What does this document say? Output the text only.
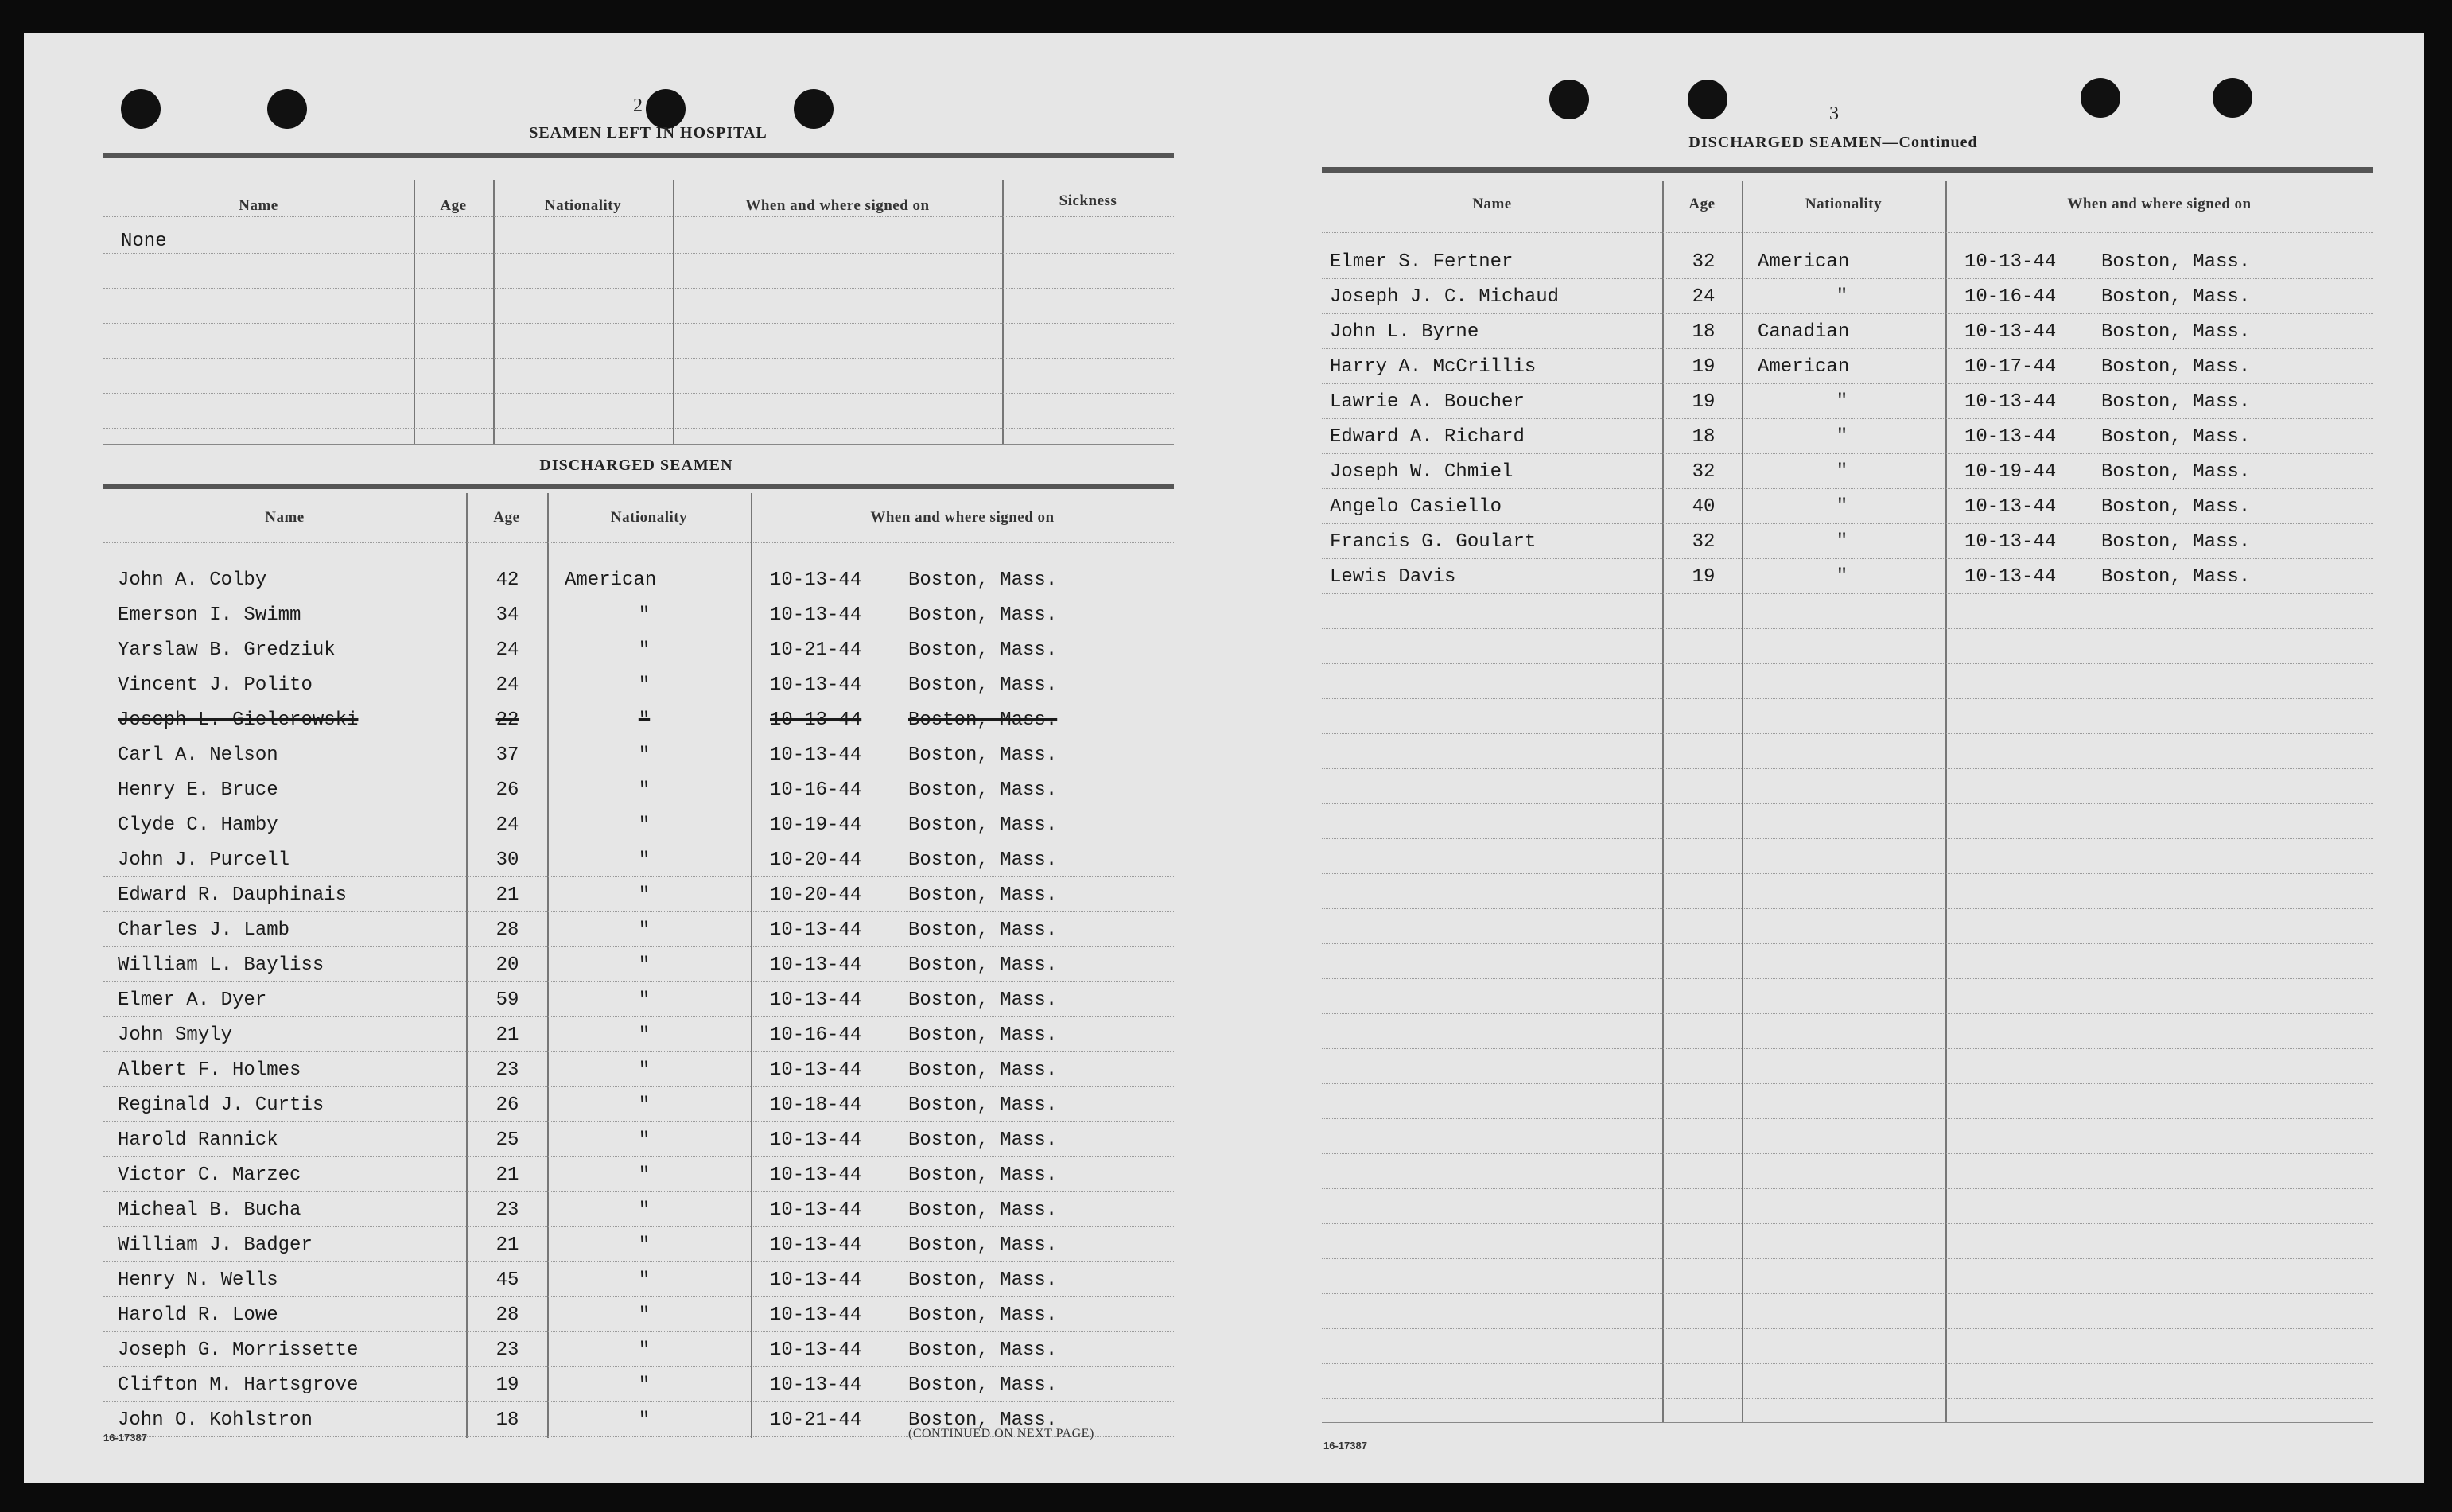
2
SEAMEN LEFT IN HOSPITAL
Name	Age	Nationality	When and where signed on	Sickness
None
DISCHARGED SEAMEN
Name	Age	Nationality	When and where signed on
John A. Colby	42	American	10-13-44 Boston, Mass.
Emerson I. Swimm	34	"	10-13-44 Boston, Mass.
Yarslaw B. Gredziuk	24	"	10-21-44 Boston, Mass.
Vincent J. Polito	24	"	10-13-44 Boston, Mass.
Joseph L. Gielerowski	22	"	10-13-44 Boston, Mass.
Carl A. Nelson	37	"	10-13-44 Boston, Mass.
Henry E. Bruce	26	"	10-16-44 Boston, Mass.
Clyde C. Hamby	24	"	10-19-44 Boston, Mass.
John J. Purcell	30	"	10-20-44 Boston, Mass.
Edward R. Dauphinais	21	"	10-20-44 Boston, Mass.
Charles J. Lamb	28	"	10-13-44 Boston, Mass.
William L. Bayliss	20	"	10-13-44 Boston, Mass.
Elmer A. Dyer	59	"	10-13-44 Boston, Mass.
John Smyly	21	"	10-16-44 Boston, Mass.
Albert F. Holmes	23	"	10-13-44 Boston, Mass.
Reginald J. Curtis	26	"	10-18-44 Boston, Mass.
Harold Rannick	25	"	10-13-44 Boston, Mass.
Victor C. Marzec	21	"	10-13-44 Boston, Mass.
Micheal B. Bucha	23	"	10-13-44 Boston, Mass.
William J. Badger	21	"	10-13-44 Boston, Mass.
Henry N. Wells	45	"	10-13-44 Boston, Mass.
Harold R. Lowe	28	"	10-13-44 Boston, Mass.
Joseph G. Morrissette	23	"	10-13-44 Boston, Mass.
Clifton M. Hartsgrove	19	"	10-13-44 Boston, Mass.
John O. Kohlstron	18	"	10-21-44 Boston, Mass.
16-17387	(CONTINUED ON NEXT PAGE)
3
DISCHARGED SEAMEN—Continued
Name	Age	Nationality	When and where signed on
Elmer S. Fertner	32	American	10-13-44 Boston, Mass.
Joseph J. C. Michaud	24	"	10-16-44 Boston, Mass.
John L. Byrne	18	Canadian	10-13-44 Boston, Mass.
Harry A. McCrillis	19	American	10-17-44 Boston, Mass.
Lawrie A. Boucher	19	"	10-13-44 Boston, Mass.
Edward A. Richard	18	"	10-13-44 Boston, Mass.
Joseph W. Chmiel	32	"	10-19-44 Boston, Mass.
Angelo Casiello	40	"	10-13-44 Boston, Mass.
Francis G. Goulart	32	"	10-13-44 Boston, Mass.
Lewis Davis	19	"	10-13-44 Boston, Mass.
16-17387
